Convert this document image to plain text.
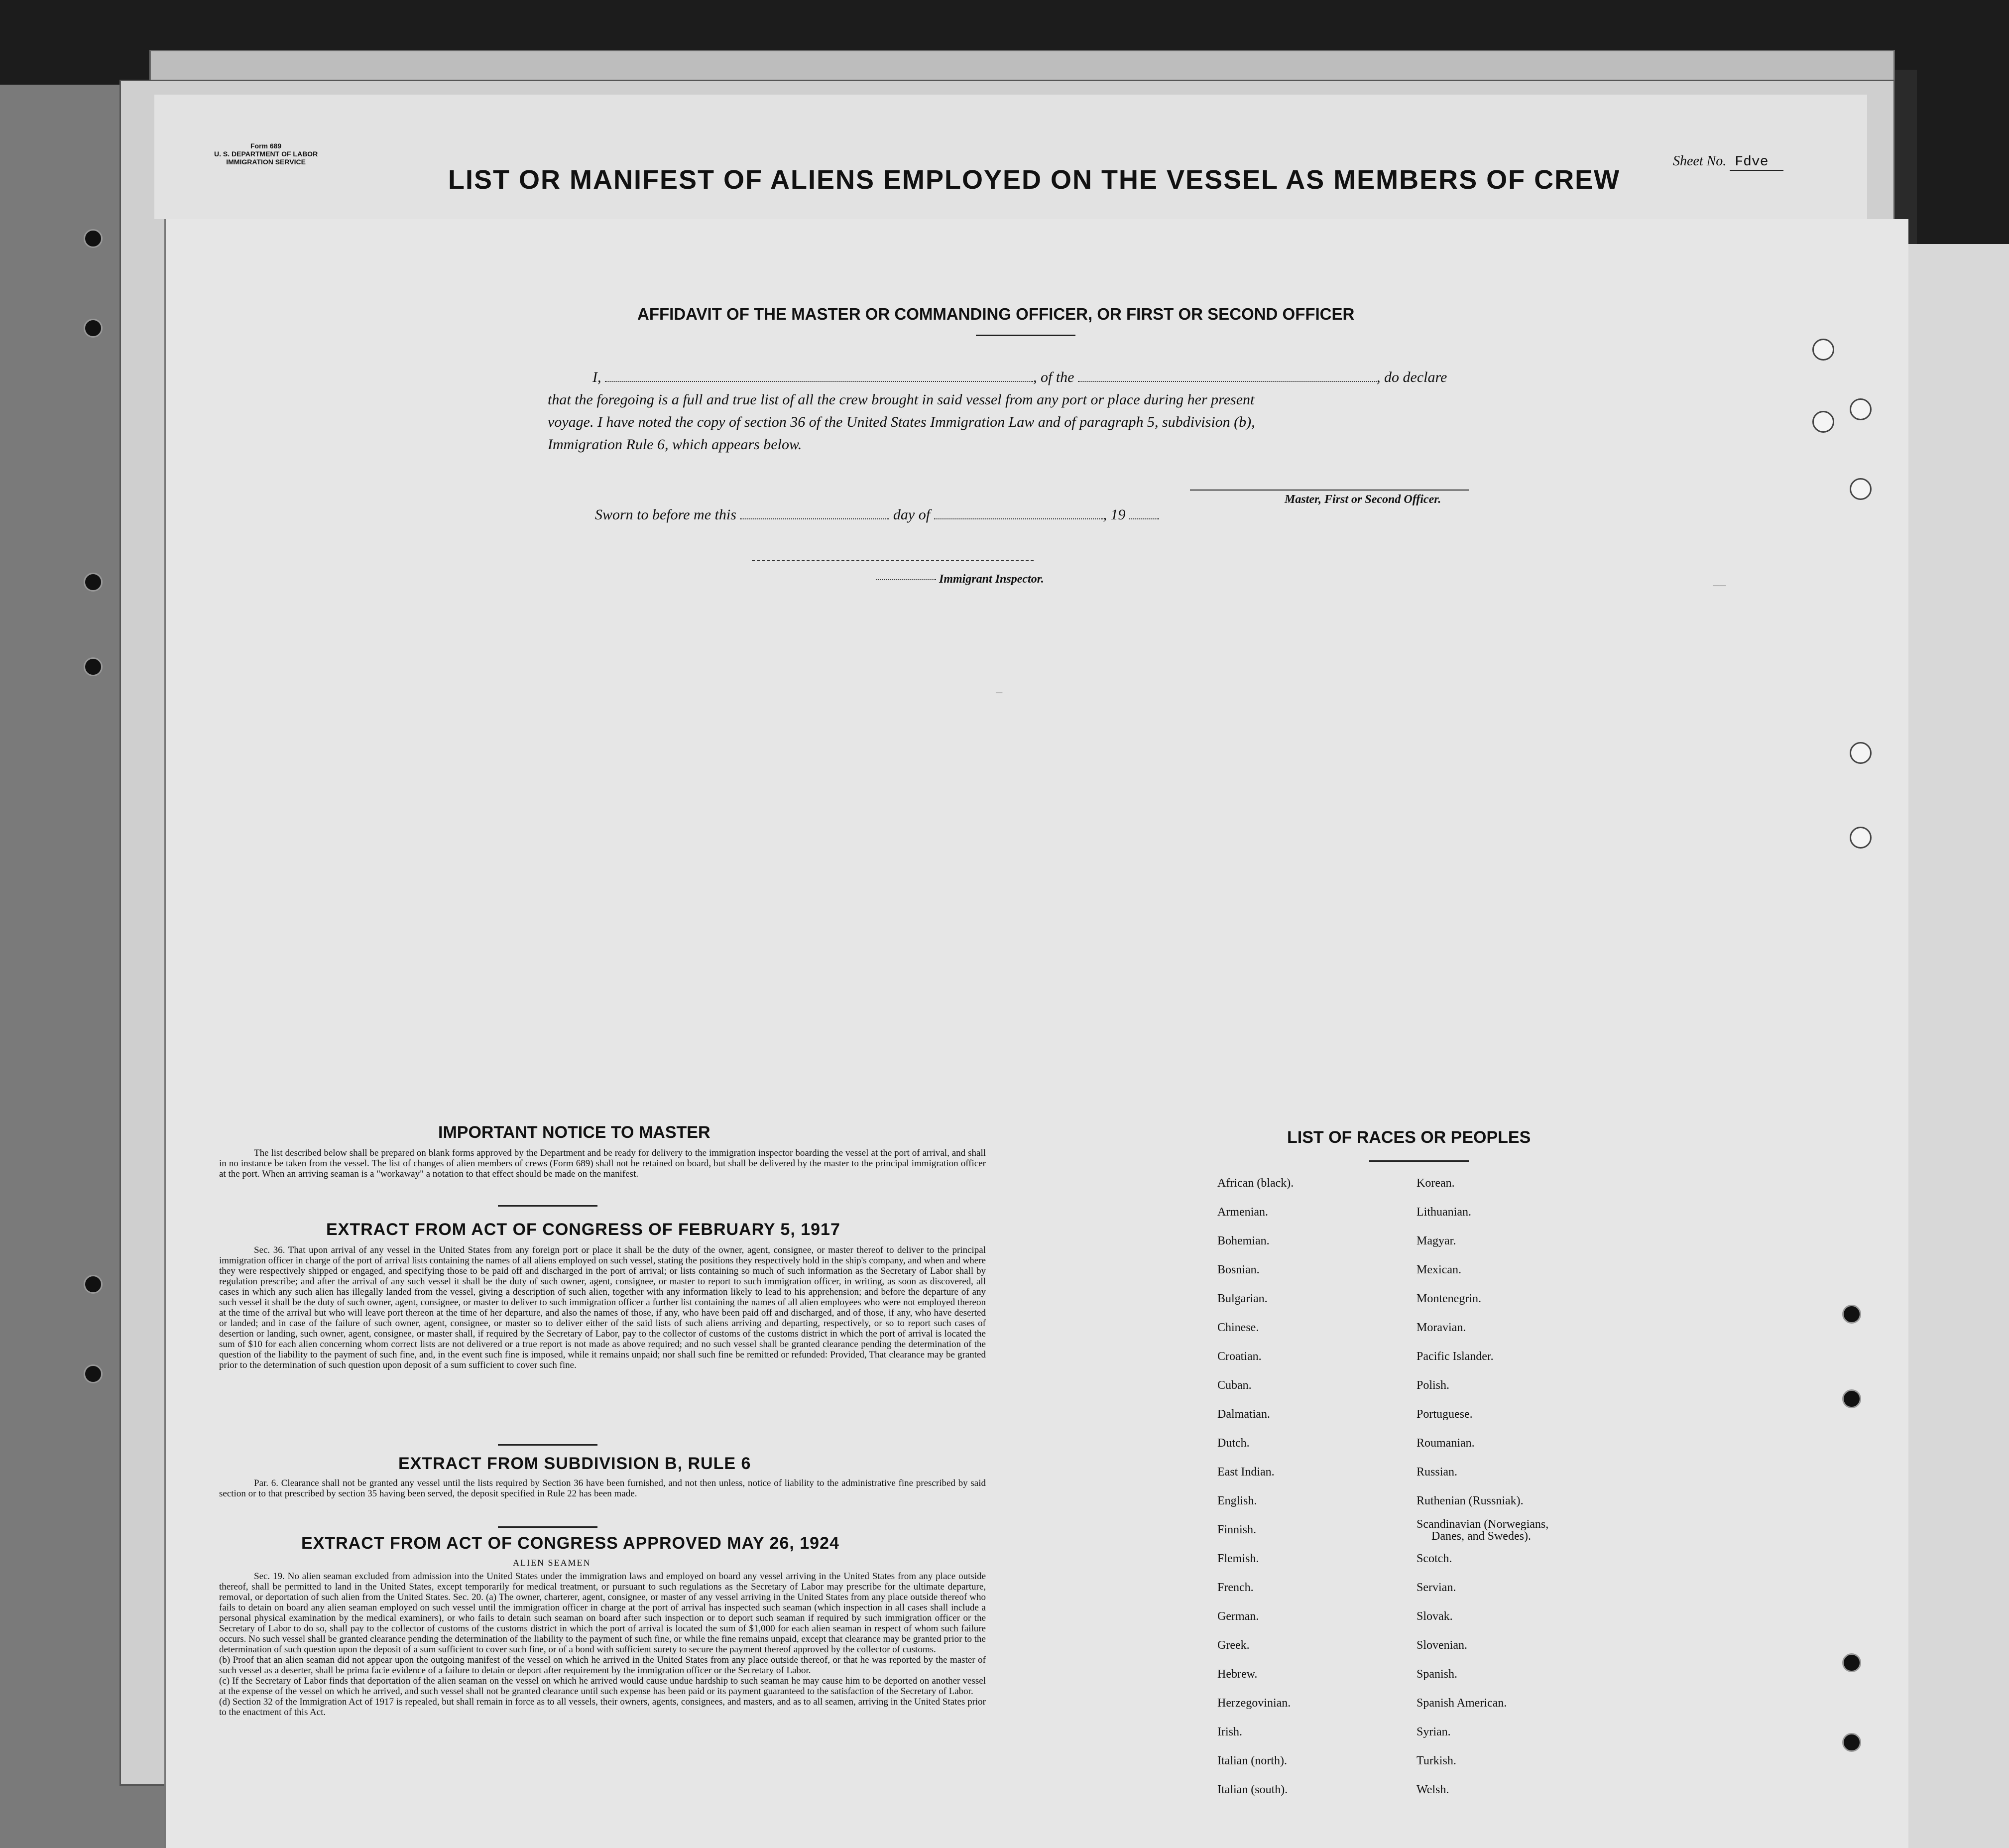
Form 689
U. S. DEPARTMENT OF LABOR
IMMIGRATION SERVICE
LIST OR MANIFEST OF ALIENS EMPLOYED ON THE VESSEL AS MEMBERS OF CREW
Sheet No. Fdve
AFFIDAVIT OF THE MASTER OR COMMANDING OFFICER, OR FIRST OR SECOND OFFICER
I,	, of the	, do declare
that the foregoing is a full and true list of all the crew brought in said vessel from any port or place during her present
voyage. I have noted the copy of section 36 of the United States Immigration Law and of paragraph 5, subdivision (b),
Immigration Rule 6, which appears below.
Master, First or Second Officer.
Sworn to before me this	day of	, 19
Immigrant Inspector.
──
─
IMPORTANT NOTICE TO MASTER
The list described below shall be prepared on blank forms approved by the Department and be ready for delivery to the immigration inspector boarding the vessel at the port of arrival, and shall in no instance be taken from the vessel. The list of changes of alien members of crews (Form 689) shall not be retained on board, but shall be delivered by the master to the principal immigration officer at the port. When an arriving seaman is a "workaway" a notation to that effect should be made on the manifest.
EXTRACT FROM ACT OF CONGRESS OF FEBRUARY 5, 1917
Sec. 36. That upon arrival of any vessel in the United States from any foreign port or place it shall be the duty of the owner, agent, consignee, or master thereof to deliver to the principal immigration officer in charge of the port of arrival lists containing the names of all aliens employed on such vessel, stating the positions they respectively hold in the ship's company, and when and where they were respectively shipped or engaged, and specifying those to be paid off and discharged in the port of arrival; or lists containing so much of such information as the Secretary of Labor shall by regulation prescribe; and after the arrival of any such vessel it shall be the duty of such owner, agent, consignee, or master to report to such immigration officer, in writing, as soon as discovered, all cases in which any such alien has illegally landed from the vessel, giving a description of such alien, together with any information likely to lead to his apprehension; and before the departure of any such vessel it shall be the duty of such owner, agent, consignee, or master to deliver to such immigration officer a further list containing the names of all alien employees who were not employed thereon at the time of the arrival but who will leave port thereon at the time of her departure, and also the names of those, if any, who have been paid off and discharged, and of those, if any, who have deserted or landed; and in case of the failure of such owner, agent, consignee, or master so to deliver either of the said lists of such aliens arriving and departing, respectively, or so to report such cases of desertion or landing, such owner, agent, consignee, or master shall, if required by the Secretary of Labor, pay to the collector of customs of the customs district in which the port of arrival is located the sum of $10 for each alien concerning whom correct lists are not delivered or a true report is not made as above required; and no such vessel shall be granted clearance pending the determination of the question of the liability to the payment of such fine, and, in the event such fine is imposed, while it remains unpaid; nor shall such fine be remitted or refunded: Provided, That clearance may be granted prior to the determination of such question upon deposit of a sum sufficient to cover such fine.
EXTRACT FROM SUBDIVISION B, RULE 6
Par. 6. Clearance shall not be granted any vessel until the lists required by Section 36 have been furnished, and not then unless, notice of liability to the administrative fine prescribed by said section or to that prescribed by section 35 having been served, the deposit specified in Rule 22 has been made.
EXTRACT FROM ACT OF CONGRESS APPROVED MAY 26, 1924
ALIEN SEAMEN
Sec. 19. No alien seaman excluded from admission into the United States under the immigration laws and employed on board any vessel arriving in the United States from any place outside thereof, shall be permitted to land in the United States, except temporarily for medical treatment, or pursuant to such regulations as the Secretary of Labor may prescribe for the ultimate departure, removal, or deportation of such alien from the United States. Sec. 20. (a) The owner, charterer, agent, consignee, or master of any vessel arriving in the United States from any place outside thereof who fails to detain on board any alien seaman employed on such vessel until the immigration officer in charge at the port of arrival has inspected such seaman (which inspection in all cases shall include a personal physical examination by the medical examiners), or who fails to detain such seaman on board after such inspection or to deport such seaman if required by such immigration officer or the Secretary of Labor to do so, shall pay to the collector of customs of the customs district in which the port of arrival is located the sum of $1,000 for each alien seaman in respect of whom such failure occurs. No such vessel shall be granted clearance pending the determination of the liability to the payment of such fine, or while the fine remains unpaid, except that clearance may be granted prior to the determination of such question upon the deposit of a sum sufficient to cover such fine, or of a bond with sufficient surety to secure the payment thereof approved by the collector of customs.
(b) Proof that an alien seaman did not appear upon the outgoing manifest of the vessel on which he arrived in the United States from any place outside thereof, or that he was reported by the master of such vessel as a deserter, shall be prima facie evidence of a failure to detain or deport after requirement by the immigration officer or the Secretary of Labor.
(c) If the Secretary of Labor finds that deportation of the alien seaman on the vessel on which he arrived would cause undue hardship to such seaman he may cause him to be deported on another vessel at the expense of the vessel on which he arrived, and such vessel shall not be granted clearance until such expense has been paid or its payment guaranteed to the satisfaction of the Secretary of Labor.
(d) Section 32 of the Immigration Act of 1917 is repealed, but shall remain in force as to all vessels, their owners, agents, consignees, and masters, and as to all seamen, arriving in the United States prior to the enactment of this Act.
LIST OF RACES OR PEOPLES
African (black).
Armenian.
Bohemian.
Bosnian.
Bulgarian.
Chinese.
Croatian.
Cuban.
Dalmatian.
Dutch.
East Indian.
English.
Finnish.
Flemish.
French.
German.
Greek.
Hebrew.
Herzegovinian.
Irish.
Italian (north).
Italian (south).
Korean.
Lithuanian.
Magyar.
Mexican.
Montenegrin.
Moravian.
Pacific Islander.
Polish.
Portuguese.
Roumanian.
Russian.
Ruthenian (Russniak).
Scandinavian (Norwegians,
Danes, and Swedes).
Scotch.
Servian.
Slovak.
Slovenian.
Spanish.
Spanish American.
Syrian.
Turkish.
Welsh.
